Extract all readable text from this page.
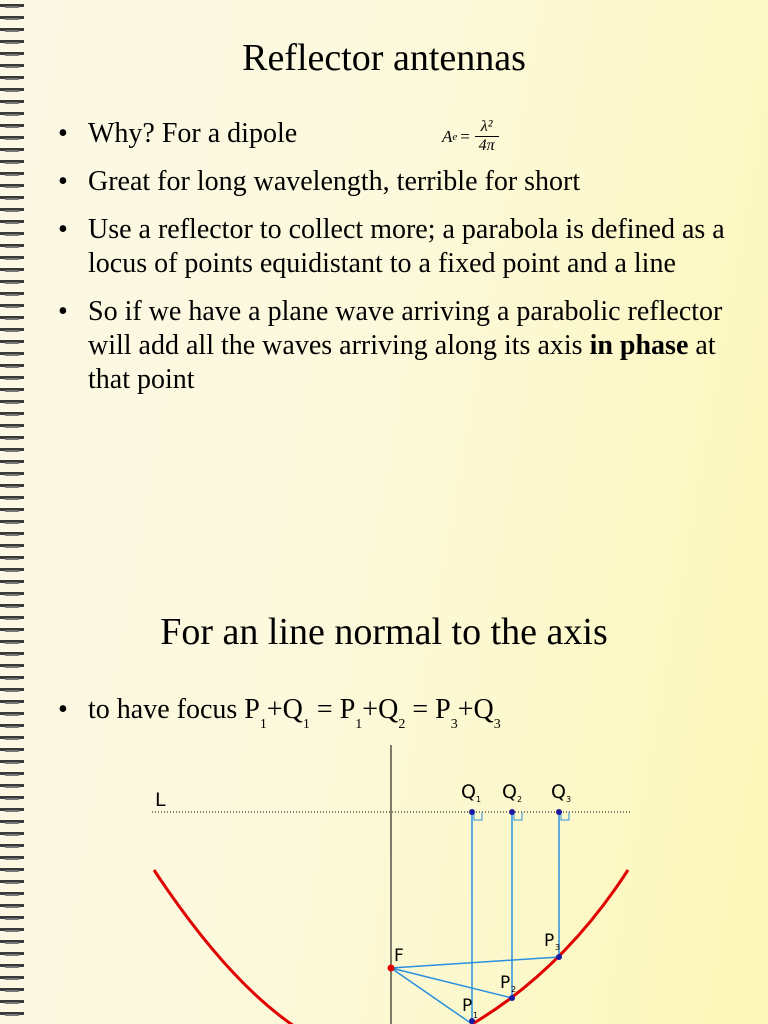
Reflector antennas
A $e = \frac{\text{λ²}}{4\pi}$
• Why? For a dipole
• Great for long wavelength, terrible for short
• Use a reflector to collect more; a parabola is defined as a locus of points equidistant to a fixed point and a line
• So if we have a plane wave arriving a parabolic reflector will add all the waves arriving along its axis in phase at that point
For an line normal to the axis
• to have focus $P_1+Q_1 = P_1+Q_2 = P_3+Q_3$
L	Q 1 Q 2 Q 3
F
P 3
P 2
P 1
